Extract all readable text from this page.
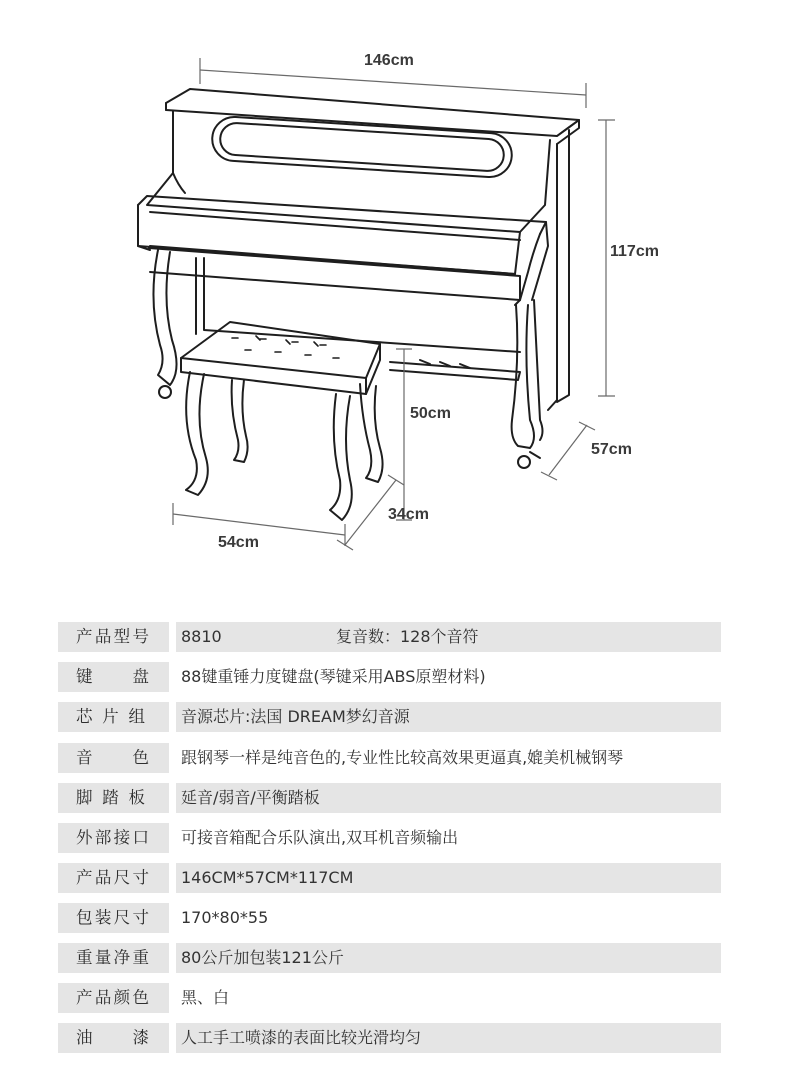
146cm
117cm
57cm
50cm
34cm
54cm
产品型号	8810	复音数：128个音符
键盘	88键重锤力度键盘(琴键采用ABS原塑材料)
芯片组	音源芯片:法国 DREAM梦幻音源
音色	跟钢琴一样是纯音色的,专业性比较高效果更逼真,媲美机械钢琴
脚踏板	延音/弱音/平衡踏板
外部接口	可接音箱配合乐队演出,双耳机音频输出
产品尺寸	146CM*57CM*117CM
包装尺寸	170*80*55
重量净重	80公斤加包装121公斤
产品颜色	黑、白
油漆	人工手工喷漆的表面比较光滑均匀
